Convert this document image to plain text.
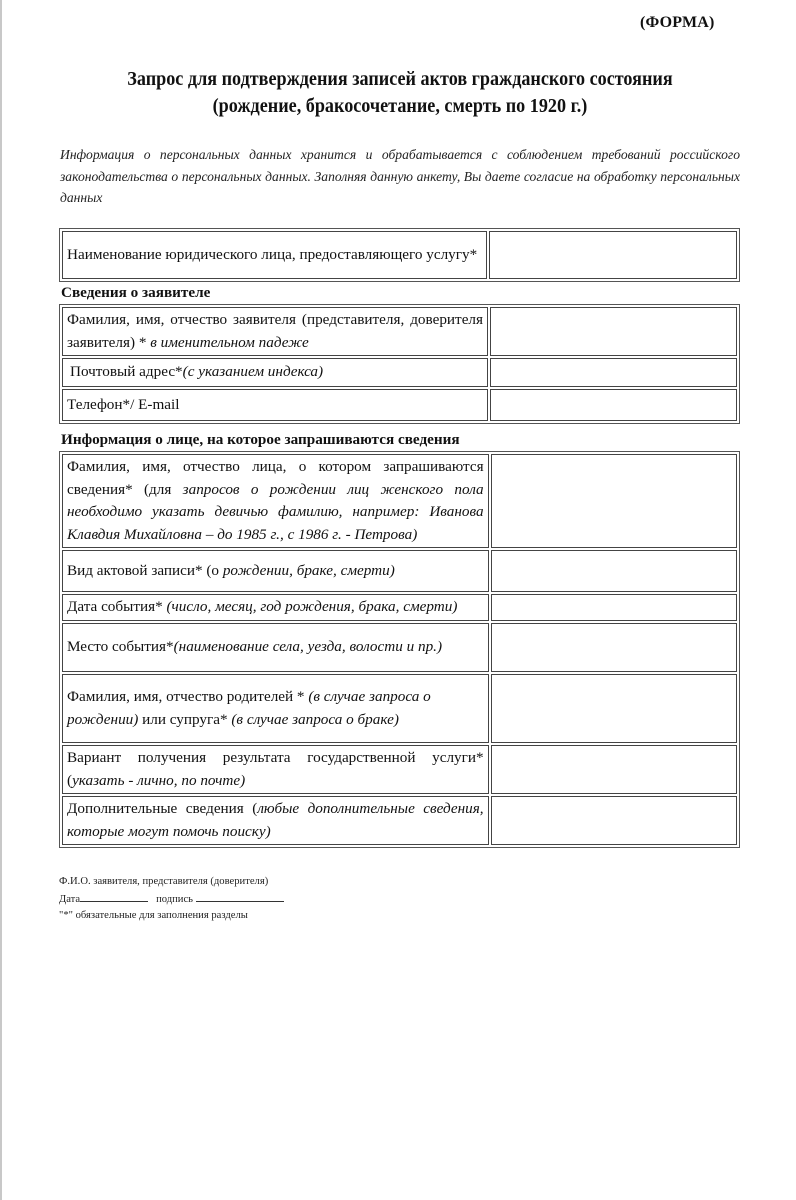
(ФОРМА)
Запрос для подтверждения записей актов гражданского состояния
(рождение, бракосочетание, смерть по 1920 г.)
Информация о персональных данных хранится и обрабатывается с соблюдением требований российского законодательства о персональных данных. Заполняя данную анкету, Вы даете согласие на обработку персональных данных
Наименование юридического лица, предоставляющего услугу*	
Сведения о заявителе
Фамилия, имя, отчество заявителя (представителя, доверителя заявителя) * в именительном падеже	
Почтовый адрес*(с указанием индекса)	
Телефон*/ E-mail	
Информация о лице, на которое запрашиваются сведения
Фамилия, имя, отчество лица, о котором запрашиваются сведения* (для запросов о рождении лиц женского пола необходимо указать девичью фамилию, например: Иванова Клавдия Михайловна – до 1985 г., с 1986 г. - Петрова)	
Вид актовой записи* (о рождении, браке, смерти)	
Дата события* (число, месяц, год рождения, брака, смерти)	
Место события*(наименование села, уезда, волости и пр.)	
Фамилия, имя, отчество родителей * (в случае запроса о рождении) или супруга* (в случае запроса о браке)	
Вариант получения результата государственной услуги* (указать - лично, по почте)	
Дополнительные сведения (любые дополнительные сведения, которые могут помочь поиску)	
Ф.И.О. заявителя, представителя (доверителя)
Дата	подпись
"*" обязательные для заполнения разделы
